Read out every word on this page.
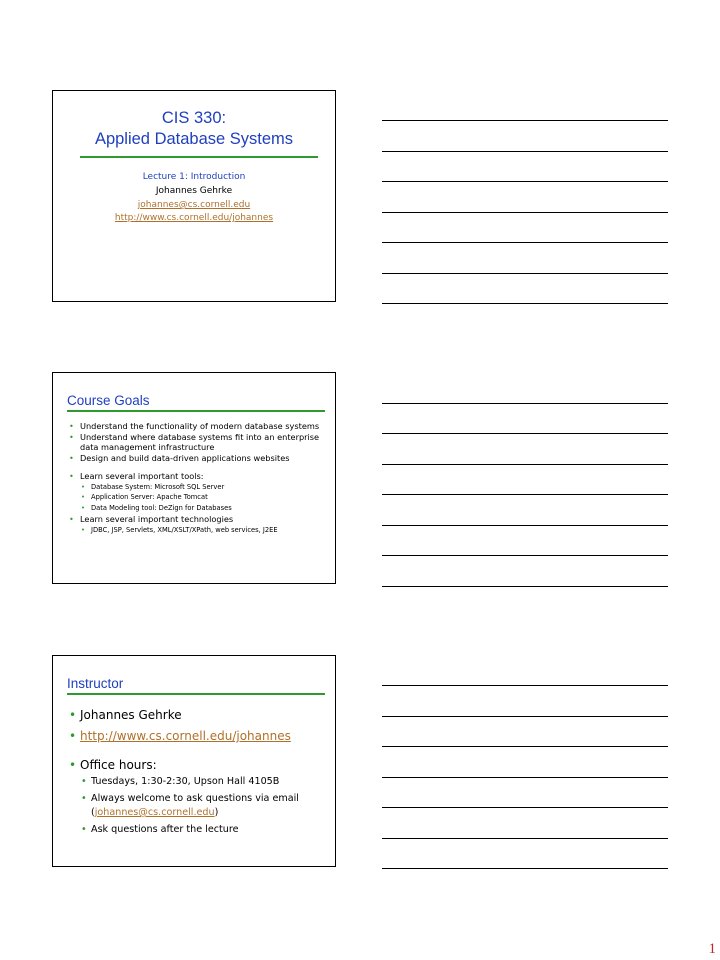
CIS 330:
Applied Database Systems
Lecture 1: Introduction
Johannes Gehrke
johannes@cs.cornell.edu
http://www.cs.cornell.edu/johannes
Course Goals
• Understand the functionality of modern database systems
• Understand where database systems fit into an enterprise data management infrastructure
• Design and build data-driven applications websites
• Learn several important tools:
• Database System: Microsoft SQL Server
• Application Server: Apache Tomcat
• Data Modeling tool: DeZign for Databases
• Learn several important technologies
• JDBC, JSP, Servlets, XML/XSLT/XPath, web services, J2EE
Instructor
• Johannes Gehrke
• http://www.cs.cornell.edu/johannes
• Office hours:
• Tuesdays, 1:30-2:30, Upson Hall 4105B
• Always welcome to ask questions via email
(johannes@cs.cornell.edu)
• Ask questions after the lecture
1
